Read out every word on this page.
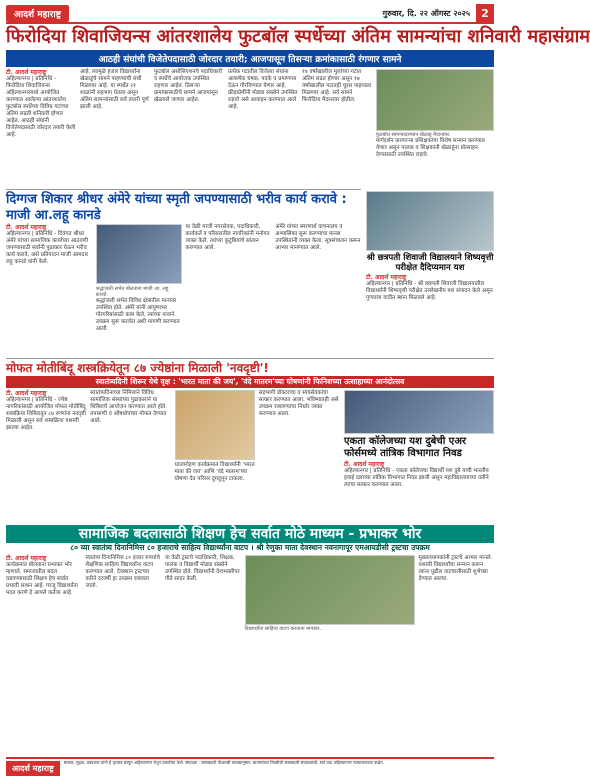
आदर्श महाराष्ट्र	गुरुवार, दि. २२ ऑगस्ट २०२५	2
फिरोदिया शिवाजियन्स आंतरशालेय फुटबॉल स्पर्धेच्या अंतिम सामन्यांचा शनिवारी महासंग्राम
आठही संघांची विजेतेपदासाठी जोरदार तयारी; आजपासून तिसऱ्या क्रमांकासाठी रंगणार सामने
टी. आदर्श महाराष्ट्र
अहिल्यानगर | प्रतिनिधि - फिरोदिया शिवाजियन्स अहिल्यानगरमध्ये आयोजित करण्यात आलेल्या आंतरशालेय फुटबॉल स्पर्धेच्या विविध गटांच्या अंतिम लढती शनिवारी होणार आहेत. आठही संघांनी विजेतेपदासाठी जोरदार तयारी केली आहे.
आहे. त्यामुळे हजार विद्यार्थ्यांना खेळाडूंचे सामने पाहण्याची संधी मिळणार आहे. या स्पर्धेत २१ शाळांनी सहभाग घेतला असून अंतिम सामन्यांसाठी सर्व तयारी पूर्ण झाली आहे.
फुटबॉल असोसिएशनचे पदाधिकारी व स्पर्धेचे आयोजक उपस्थित राहणार आहेत. तिसऱ्या क्रमांकासाठीचे सामने आजपासून खेळवले जाणार आहेत.
प्रत्येक गटातील विजेत्या संघांना आकर्षक चषक, पदके व प्रमाणपत्र देऊन गौरविण्यात येणार आहे. क्रीडाप्रेमींनी मोठ्या संख्येने उपस्थित राहावे असे आवाहन करण्यात आले आहे.
१४ वर्षांखालील मुलांच्या गटात अंतिम लढत होणार असून १७ वर्षांखालील गटातही चुरस पाहायला मिळणार आहे. सर्व सामने फिरोदिया मैदानावर होतील.
फुटबॉल सामन्यादरम्यान खेळाडू मैदानावर.
मार्गदर्शन करणाऱ्या प्रशिक्षकांचा विशेष सन्मान करण्यात येणार असून पालक व शिक्षकांनी खेळाडूंना प्रोत्साहन देण्यासाठी उपस्थित राहावे.
दिग्गज शिकार श्रीधर अंमेरे यांच्या स्मृती जपण्यासाठी भरीव कार्य करावे : माजी आ.लहू कानडे
टी. आदर्श महाराष्ट्र
अहिल्यानगर | प्रतिनिधि - दिवंगत श्रीधर अंमेरे यांच्या सामाजिक कार्याच्या आठवणी जपण्यासाठी सर्वांनी पुढाकार घेऊन भरीव कार्य करावे, असे प्रतिपादन माजी आमदार लहू कानडे यांनी केले.
श्रद्धांजली सभेत बोलताना माजी आ. लहू कानडे.
श्रद्धांजली सभेत विविध क्षेत्रातील मान्यवर उपस्थित होते. अंमेरे यांनी आयुष्यभर गोरगरिबांसाठी काम केले, त्यांच्या नावाने उपक्रम सुरू करावेत अशी मागणी करण्यात आली.
या वेळी माजी नगरसेवक, पदाधिकारी, कार्यकर्ते व परिसरातील नागरिकांनी मनोगत व्यक्त केले. त्यांच्या कुटुंबियांचे सांत्वन करण्यात आले.
अंमेरे यांच्या स्मरणार्थ वाचनालय व अभ्यासिका सुरू करण्याचा मानस उपस्थितांनी व्यक्त केला. सूत्रसंचालन करून आभार मानण्यात आले.
श्री छत्रपती शिवाजी विद्यालयाने शिष्यवृत्ती परीक्षेत दैदिप्यमान यश
टी. आदर्श महाराष्ट्र
अहिल्यानगर | प्रतिनिधि - श्री छत्रपती शिवाजी विद्यालयातील विद्यार्थ्यांनी शिष्यवृत्ती परीक्षेत उल्लेखनीय यश संपादन केले असून गुणवत्ता यादीत स्थान मिळवले आहे.
मोफत मोतीबिंदू शस्त्रक्रियेतून ८७ ज्येष्ठांना मिळाली 'नवदृष्टी'!
स्वातंत्र्यदिनी शिरूर येथे वृक्ष : 'भारत माता की जय', 'वंदे मातरम'च्या घोषणांनी फिनिशच्या उत्साहाच्या आनंदोत्सव
टी. आदर्श महाराष्ट्र
अहिल्यानगर | प्रतिनिधि - ज्येष्ठ नागरिकांसाठी आयोजित मोफत मोतीबिंदू शस्त्रक्रिया शिबिरातून ८७ रुग्णांना नवदृष्टी मिळाली असून सर्व शस्त्रक्रिया यशस्वी झाल्या आहेत.
स्वातंत्र्यदिनाच्या निमित्ताने विविध सामाजिक संस्थांच्या पुढाकाराने या शिबिराचे आयोजन करण्यात आले होते. तपासणी व औषधोपचार मोफत देण्यात आले.
ध्वजारोहण कार्यक्रमात विद्यार्थ्यांनी 'भारत माता की जय' आणि 'वंदे मातरम'च्या घोषणा देत परिसर दुमदुमून टाकला.
सहभागी डॉक्टरांचा व स्वयंसेवकांचा सत्कार करण्यात आला. भविष्यातही असे उपक्रम राबवण्याचा निर्धार व्यक्त करण्यात आला.
एकता कॉलेजच्या यश दुबेची एअर फोर्समध्ये तांत्रिक विभागात निवड
टी. आदर्श महाराष्ट्र
अहिल्यानगर | प्रतिनिधि - एकता कॉलेजचा विद्यार्थी यश दुबे याची भारतीय हवाई दलाच्या तांत्रिक विभागात निवड झाली असून महाविद्यालयाच्या वतीने त्याचा सत्कार करण्यात आला.
सामाजिक बदलासाठी शिक्षण हेच सर्वात मोठे माध्यम - प्रभाकर भोर
८० व्या स्वातंत्र्य दिनानिमित्त ८० हजाराचे साहित्य विद्यार्थ्यांना वाटप । श्री रेणुका माता देवस्थान नवनागापूर एमआयडीसी ट्रस्टचा उपक्रम
टी. आदर्श महाराष्ट्र
कार्यक्रमात बोलताना प्रभाकर भोर म्हणाले, समाजातील बदल घडवण्यासाठी शिक्षण हेच सर्वात प्रभावी साधन आहे. गरजू विद्यार्थ्यांना मदत करणे हे आपले कर्तव्य आहे.
स्वातंत्र्य दिनानिमित्त ८० हजार रुपयांचे शैक्षणिक साहित्य विद्यार्थ्यांना वाटप करण्यात आले. देवस्थान ट्रस्टच्या वतीने दरवर्षी हा उपक्रम राबवला जातो.
या वेळी ट्रस्टचे पदाधिकारी, शिक्षक, पालक व विद्यार्थी मोठ्या संख्येने उपस्थित होते. विद्यार्थ्यांनी देशभक्तीपर गीते सादर केली.
विद्यार्थ्यांना साहित्य वाटप करताना मान्यवर.
मुख्याध्यापकांनी ट्रस्टचे आभार मानले. यशस्वी विद्यार्थ्यांचा सन्मान करून त्यांना पुढील वाटचालीसाठी शुभेच्छा देण्यात आल्या.
आदर्श महाराष्ट्र
मालक, मुद्रक, प्रकाशक यांनी हे वृत्तपत्र छापून अहिल्यानगर येथून प्रकाशित केले. संपादक : जबाबदारी पीआरबी कायद्यानुसार. बातम्यांच्या निवडीची जबाबदारी संपादकांची. सर्व वाद अहिल्यानगर न्यायालयाच्या कक्षेत.
